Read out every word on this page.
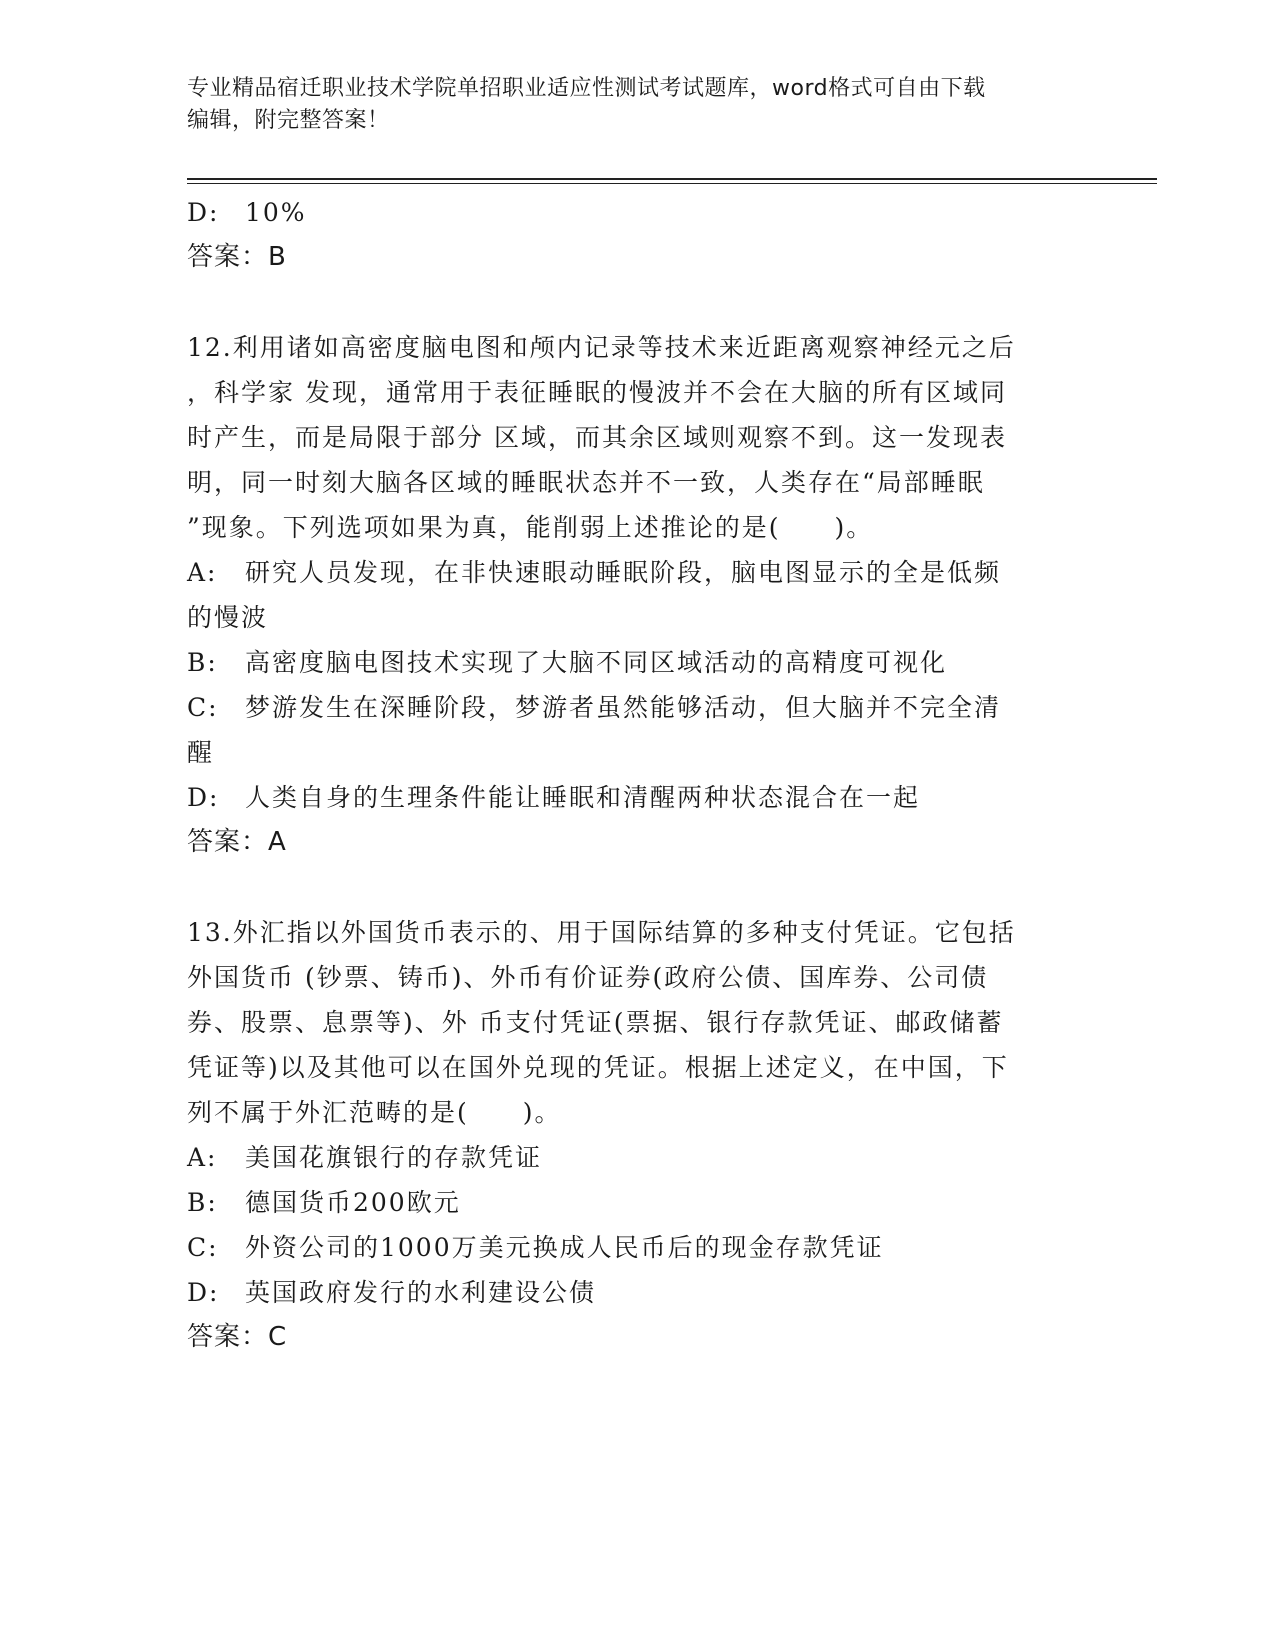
专业精品宿迁职业技术学院单招职业适应性测试考试题库，word格式可自由下载
编辑，附完整答案！
D: 10%
答案：B
12.利用诸如高密度脑电图和颅内记录等技术来近距离观察神经元之后
，科学家 发现，通常用于表征睡眠的慢波并不会在大脑的所有区域同
时产生，而是局限于部分 区域，而其余区域则观察不到。这一发现表
明，同一时刻大脑各区域的睡眠状态并不一致，人类存在“局部睡眠
”现象。下列选项如果为真，能削弱上述推论的是(　　)。
A: 研究人员发现，在非快速眼动睡眠阶段，脑电图显示的全是低频
的慢波
B: 高密度脑电图技术实现了大脑不同区域活动的高精度可视化
C: 梦游发生在深睡阶段，梦游者虽然能够活动，但大脑并不完全清
醒
D: 人类自身的生理条件能让睡眠和清醒两种状态混合在一起
答案：A
13.外汇指以外国货币表示的、用于国际结算的多种支付凭证。它包括
外国货币 (钞票、铸币)、外币有价证券(政府公债、国库券、公司债
券、股票、息票等)、外 币支付凭证(票据、银行存款凭证、邮政储蓄
凭证等)以及其他可以在国外兑现的凭证。根据上述定义，在中国，下
列不属于外汇范畴的是(　　)。
A: 美国花旗银行的存款凭证
B: 德国货币200欧元
C: 外资公司的1000万美元换成人民币后的现金存款凭证
D: 英国政府发行的水利建设公债
答案：C
